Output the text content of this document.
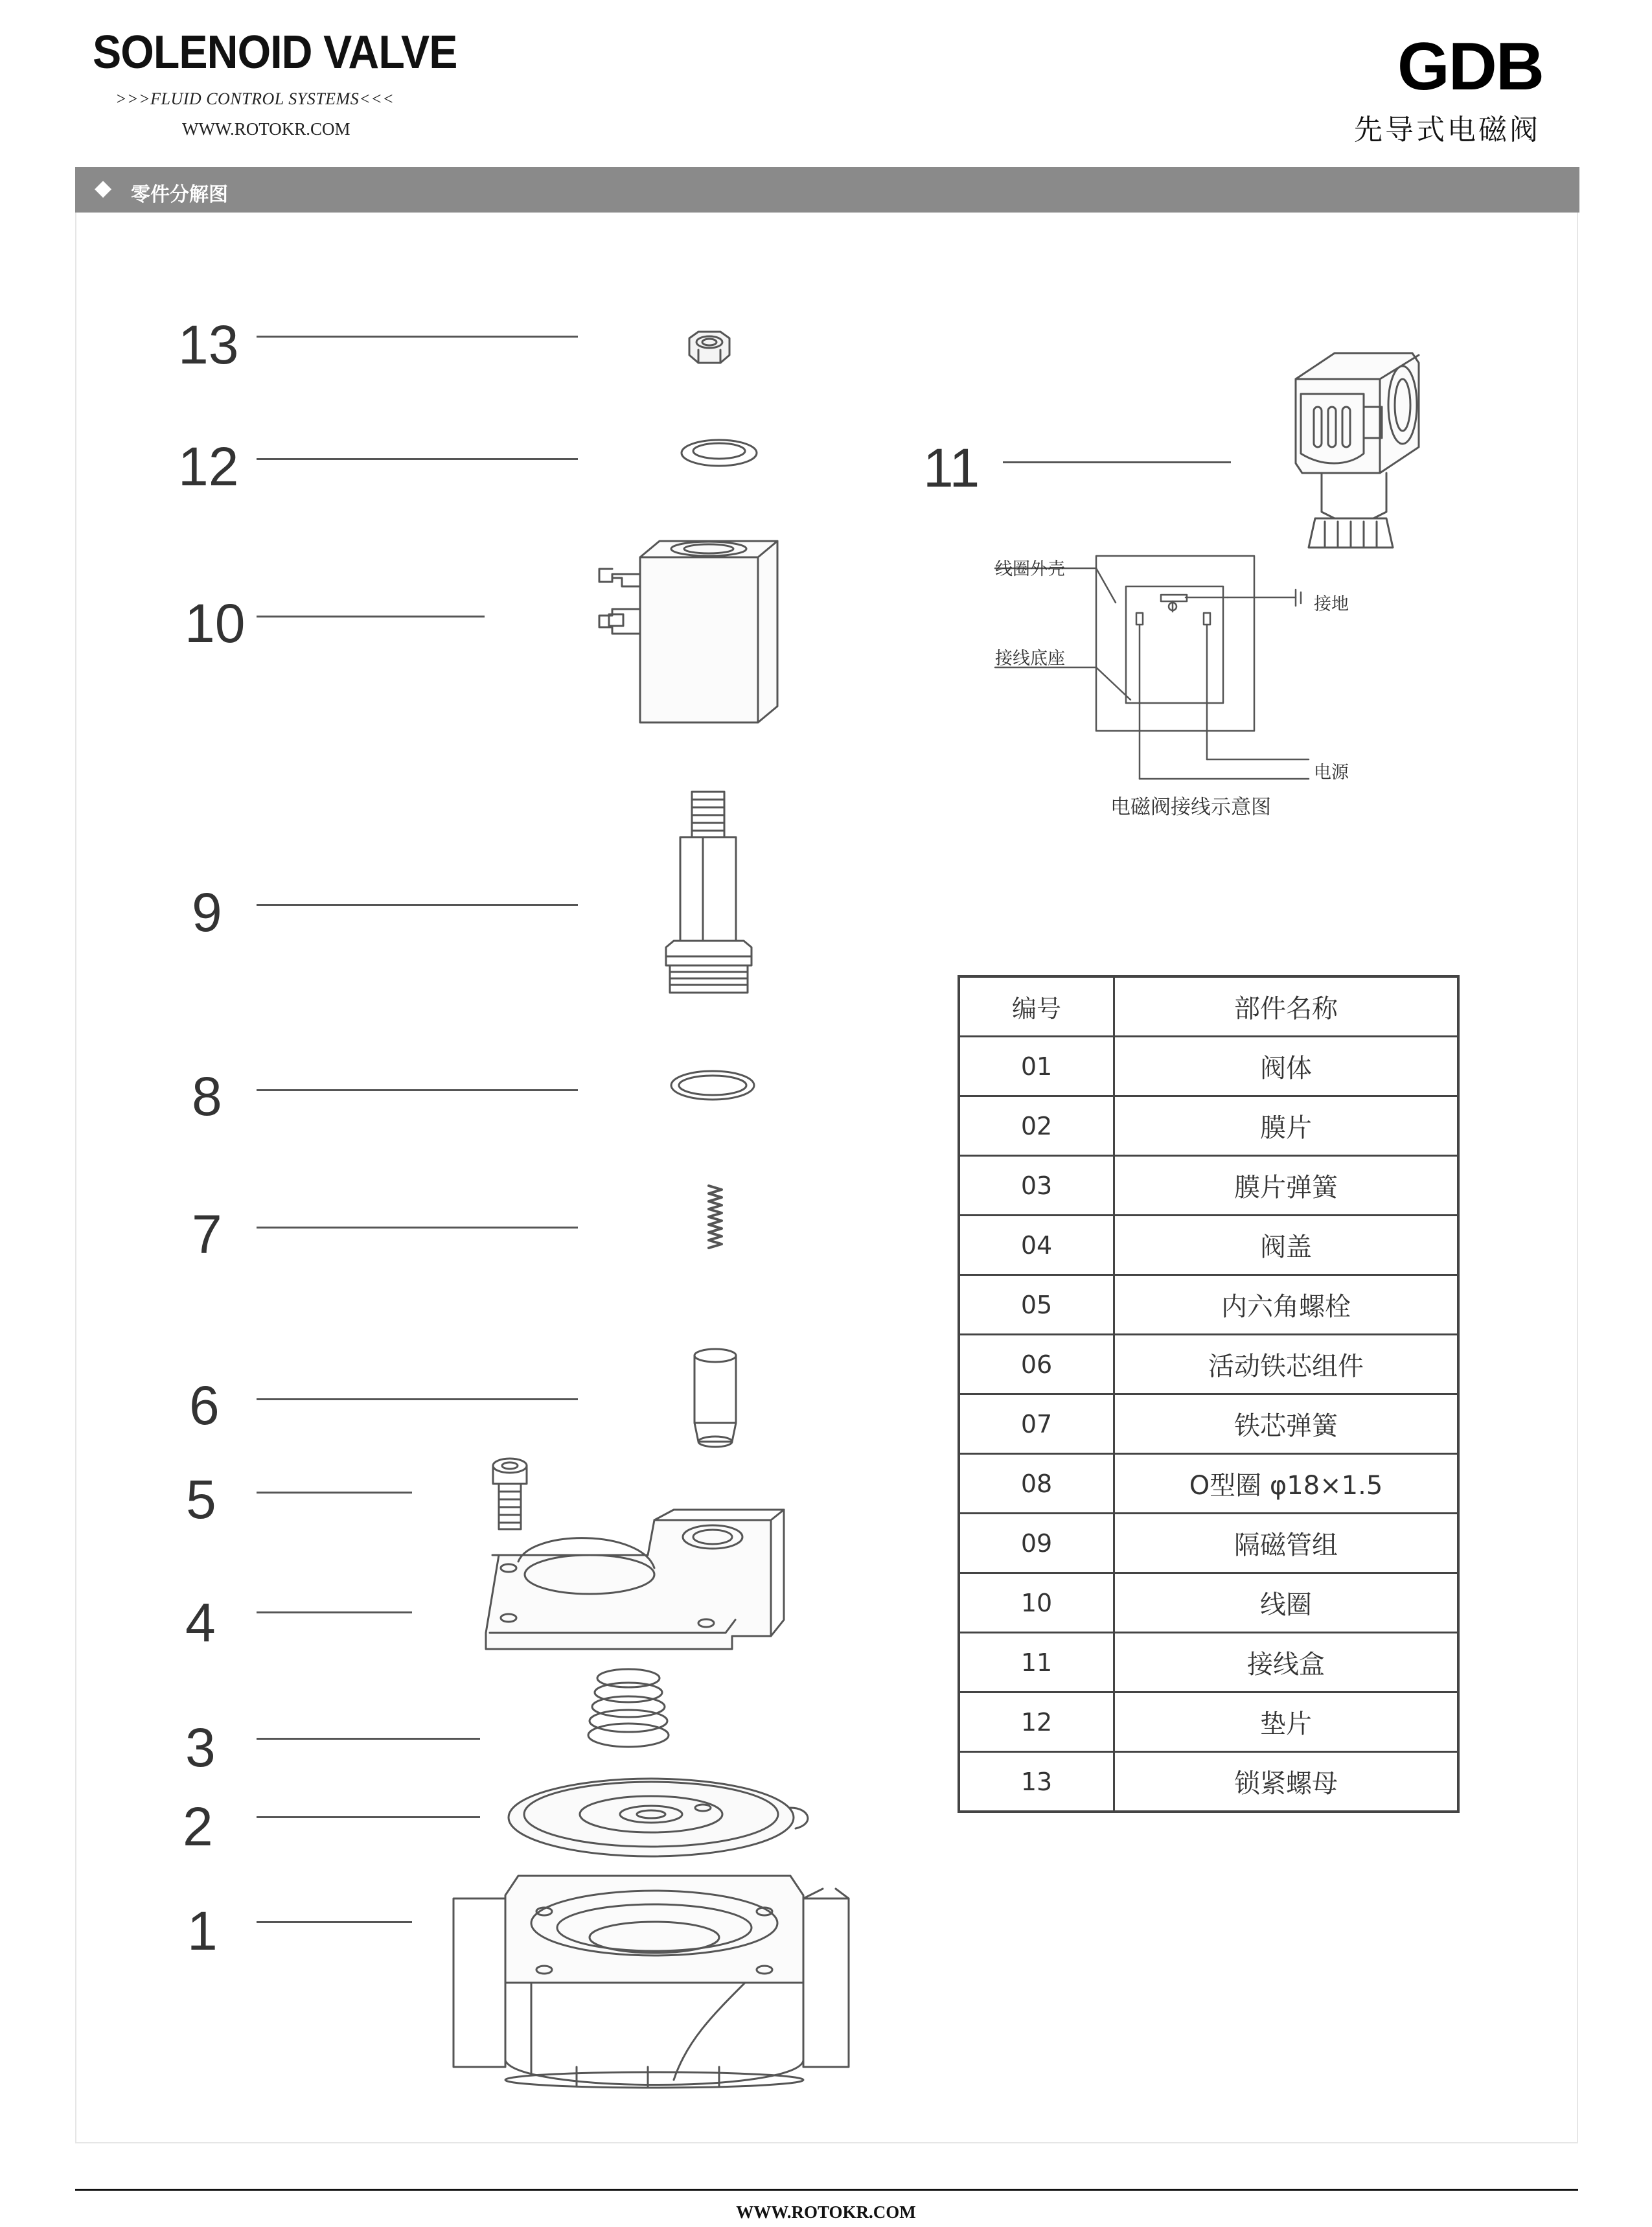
SOLENOID VALVE
>>>FLUID CONTROL SYSTEMS<<<
WWW.ROTOKR.COM
GDB
先导式电磁阀
◆ 零件分解图
13
12	11
10
9
8
7
6
5
4
3
2
1
线圈外壳
接线底座
接地
电源
电磁阀接线示意图
编号	部件名称
01	阀体
02	膜片
03	膜片弹簧
04	阀盖
05	内六角螺栓
06	活动铁芯组件
07	铁芯弹簧
08	O型圈 φ18×1.5
09	隔磁管组
10	线圈
11	接线盒
12	垫片
13	锁紧螺母
WWW.ROTOKR.COM
